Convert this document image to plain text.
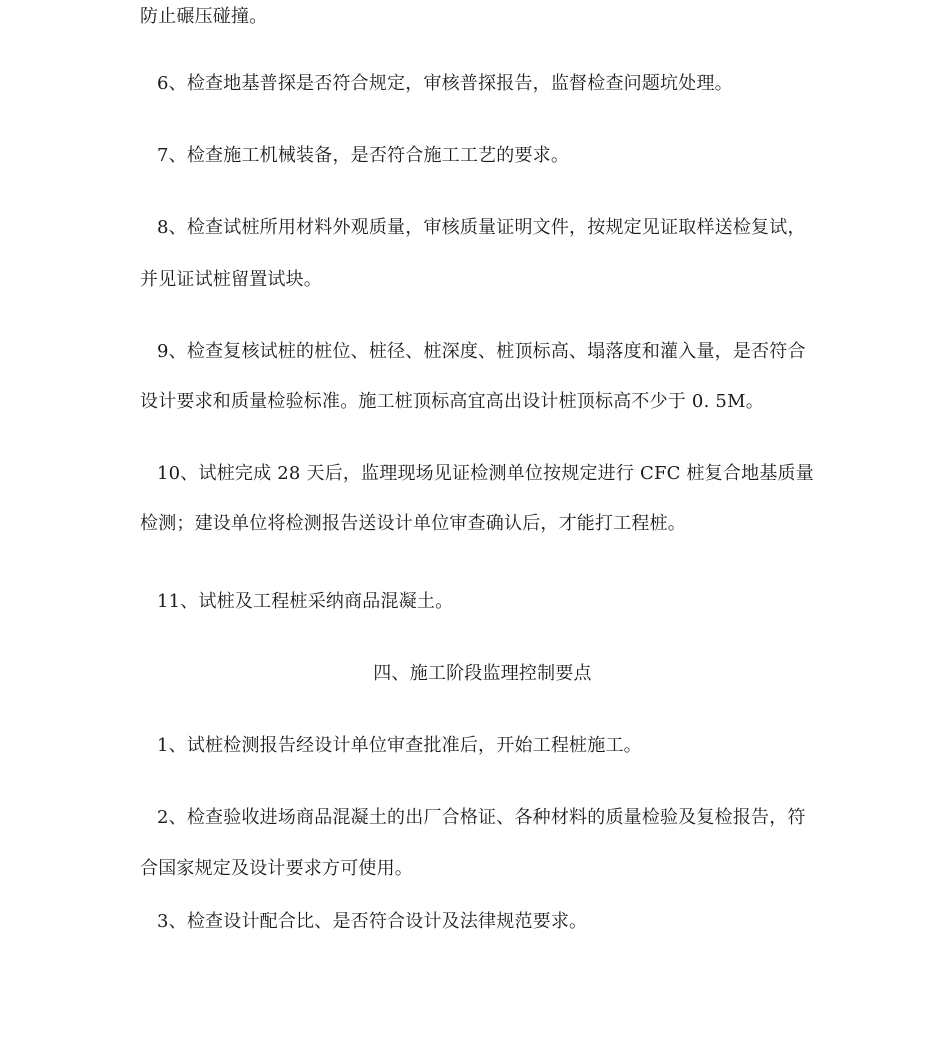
防止碾压碰撞。
6、检查地基普探是否符合规定，审核普探报告，监督检查问题坑处理。
7、检查施工机械装备，是否符合施工工艺的要求。
8、检查试桩所用材料外观质量，审核质量证明文件，按规定见证取样送检复试，
并见证试桩留置试块。
9、检查复核试桩的桩位、桩径、桩深度、桩顶标高、塌落度和灌入量，是否符合
设计要求和质量检验标准。施工桩顶标高宜高出设计桩顶标高不少于 0. 5M。
10、试桩完成 28 天后，监理现场见证检测单位按规定进行 CFC 桩复合地基质量
检测；建设单位将检测报告送设计单位审查确认后，才能打工程桩。
11、试桩及工程桩采纳商品混凝土。
四、施工阶段监理控制要点
1、试桩检测报告经设计单位审查批准后，开始工程桩施工。
2、检查验收进场商品混凝土的出厂合格证、各种材料的质量检验及复检报告，符
合国家规定及设计要求方可使用。
3、检查设计配合比、是否符合设计及法律规范要求。
